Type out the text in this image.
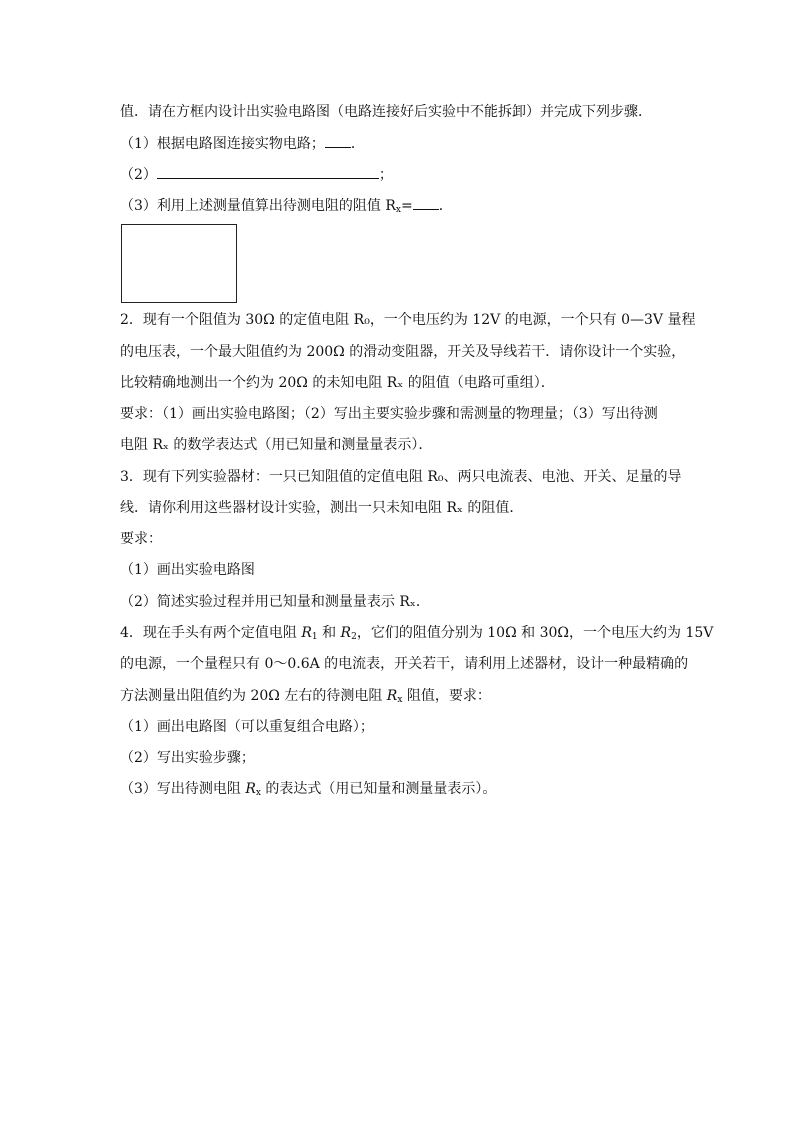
值．请在方框内设计出实验电路图（电路连接好后实验中不能拆卸）并完成下列步骤．
（1）根据电路图连接实物电路； ．
（2）	；
（3）利用上述测量值算出待测电阻的阻值 $R_x=$ ．
2．现有一个阻值为 30Ω 的定值电阻 R₀，一个电压约为 12V 的电源，一个只有 0—3V 量程
的电压表，一个最大阻值约为 200Ω 的滑动变阻器，开关及导线若干．请你设计一个实验，
比较精确地测出一个约为 20Ω 的未知电阻 Rₓ 的阻值（电路可重组）．
要求：（1）画出实验电路图；（2）写出主要实验步骤和需测量的物理量；（3）写出待测
电阻 Rₓ 的数学表达式（用已知量和测量量表示）．
3．现有下列实验器材：一只已知阻值的定值电阻 R₀、两只电流表、电池、开关、足量的导
线．请你利用这些器材设计实验，测出一只未知电阻 Rₓ 的阻值．
要求：
（1）画出实验电路图
（2）简述实验过程并用已知量和测量量表示 Rₓ．
4．现在手头有两个定值电阻 $R_1$ 和 $R_2$，它们的阻值分别为 10Ω 和 30Ω，一个电压大约为 15V
的电源，一个量程只有 0～0.6A 的电流表，开关若干，请利用上述器材，设计一种最精确的
方法测量出阻值约为 20Ω 左右的待测电阻 $R_x$ 阻值，要求：
（1）画出电路图（可以重复组合电路）；
（2）写出实验步骤；
（3）写出待测电阻 $R_x$ 的表达式（用已知量和测量量表示）。
